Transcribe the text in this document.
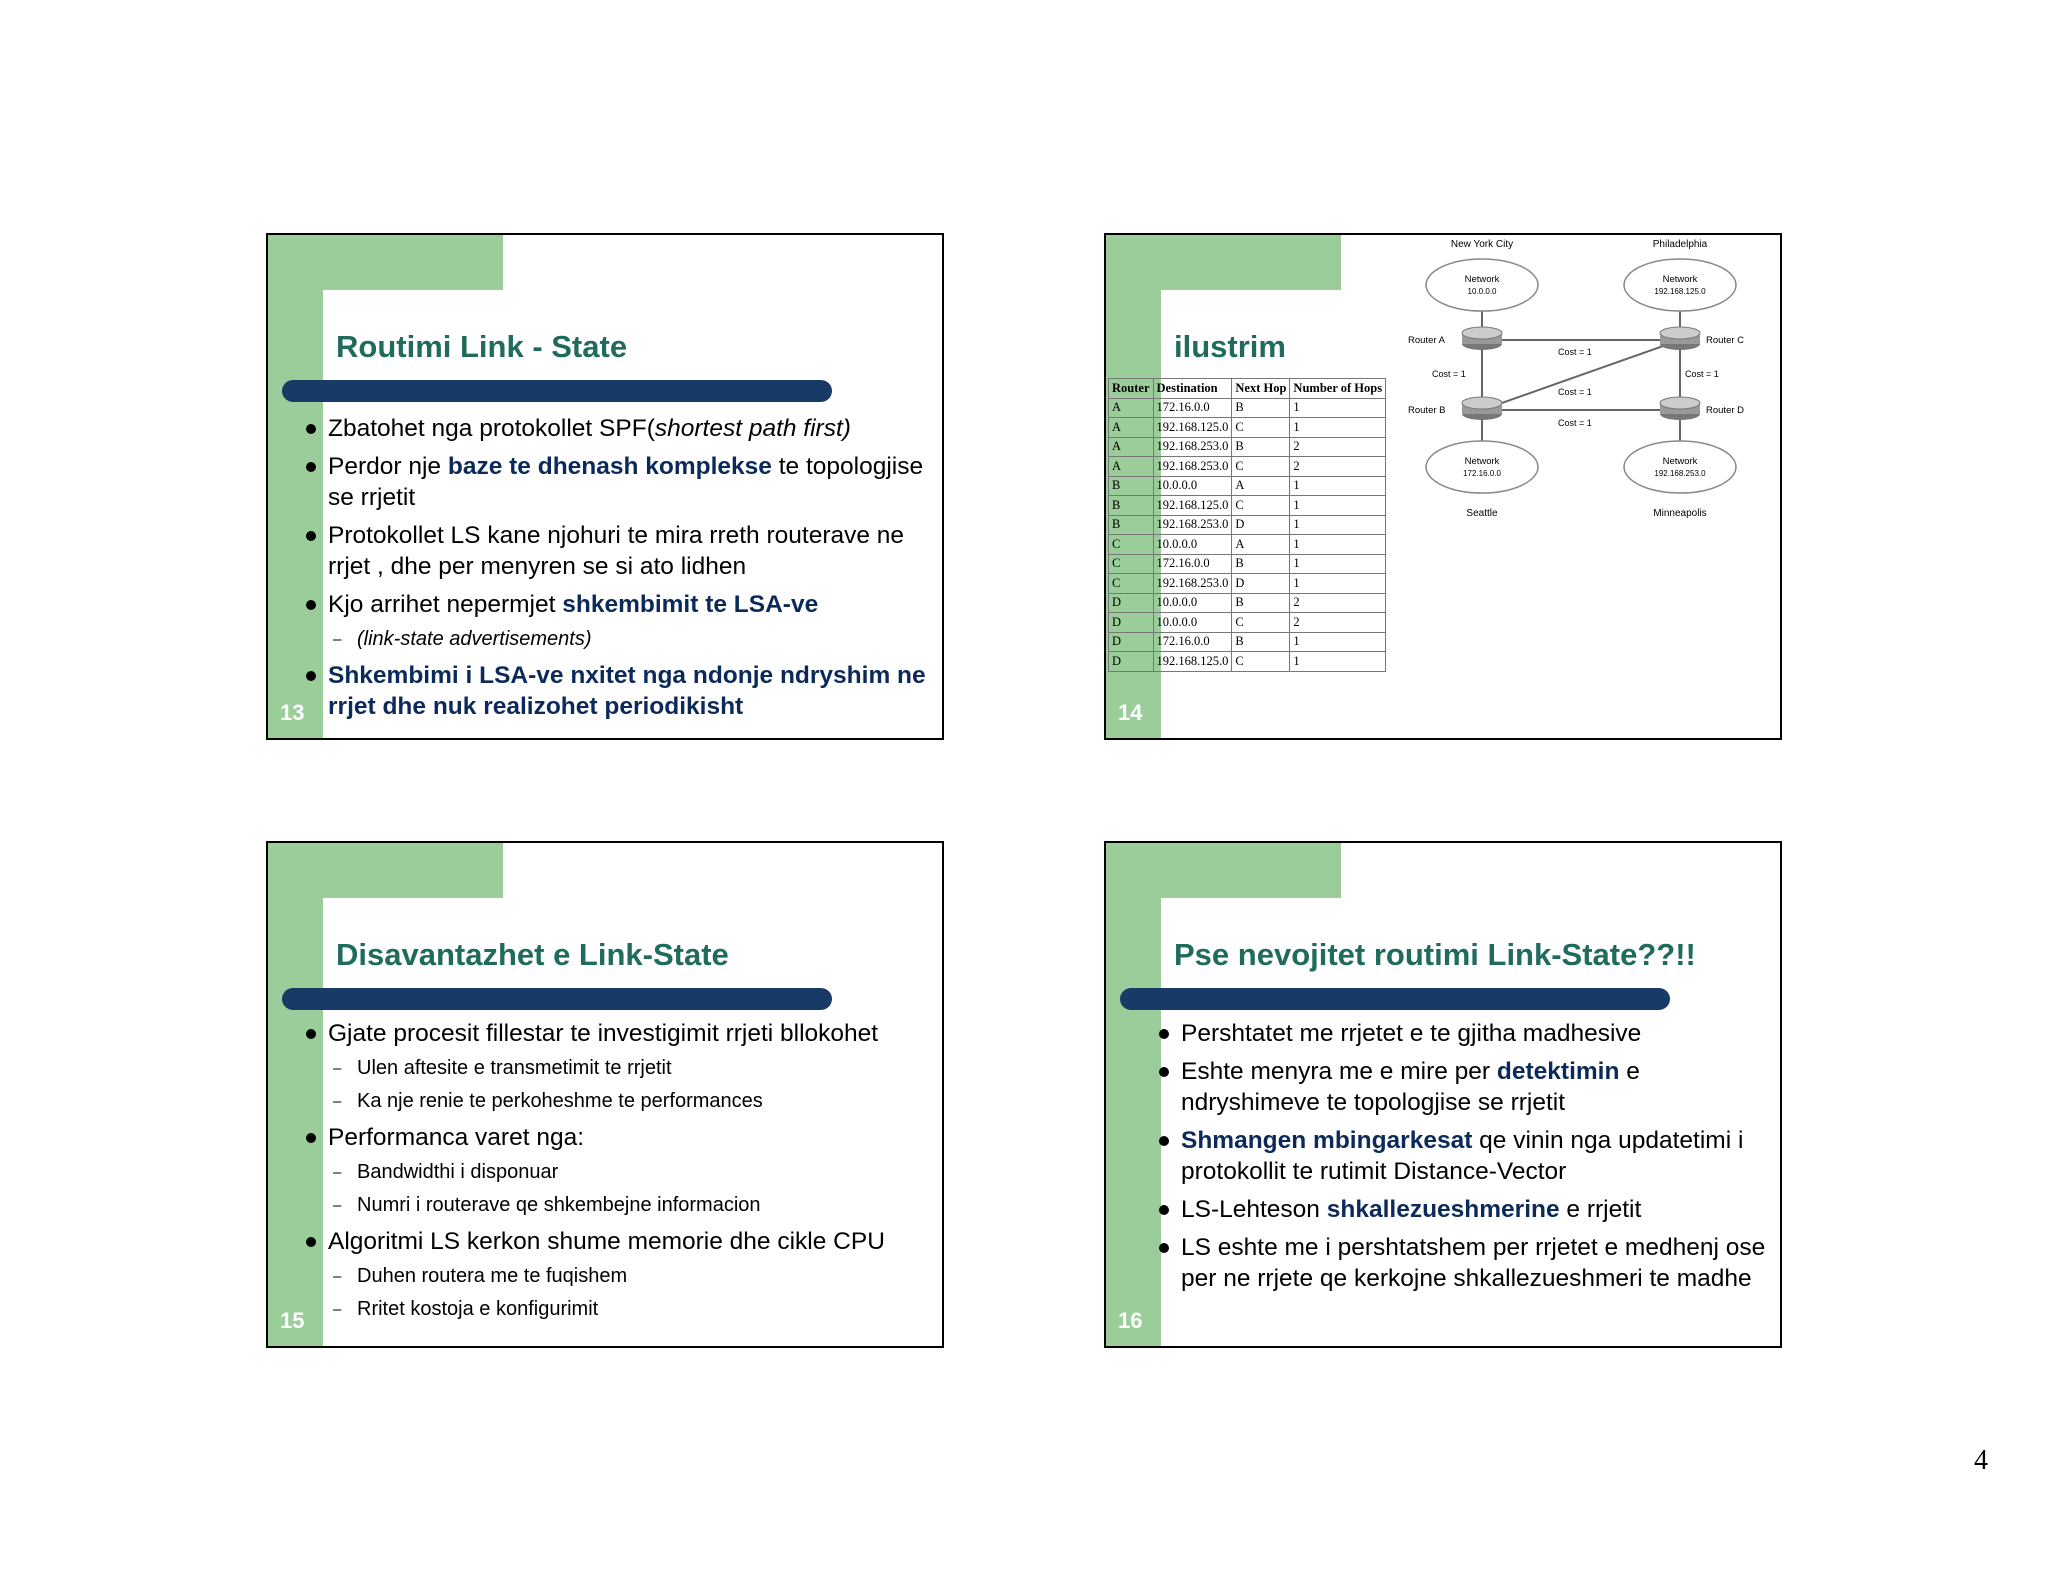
13
Routimi Link - State
Zbatohet nga protokollet SPF(shortest path first)
Perdor nje baze te dhenash komplekse te topologjise se rrjetit
Protokollet LS kane njohuri te mira rreth routerave ne rrjet , dhe per menyren se si ato lidhen
Kjo arrihet nepermjet shkembimit te LSA-ve
– (link-state advertisements)
Shkembimi i LSA-ve nxitet nga ndonje ndryshim ne rrjet dhe nuk realizohet periodikisht	14
ilustrim
Router	Destination	Next Hop	Number of Hops
A	172.16.0.0	B	1
A	192.168.125.0	C	1
A	192.168.253.0	B	2
A	192.168.253.0	C	2
B	10.0.0.0	A	1
B	192.168.125.0	C	1
B	192.168.253.0	D	1
C	10.0.0.0	A	1
C	172.16.0.0	B	1
C	192.168.253.0	D	1
D	10.0.0.0	B	2
D	10.0.0.0	C	2
D	172.16.0.0	B	1
D	192.168.125.0	C	1
Network
10.0.0.0
Network
192.168.125.0
Network
172.16.0.0
Network
192.168.253.0
New York City	Philadelphia
Seattle	Minneapolis
Router A
Router B
Router C
Router D
Cost = 1
Cost = 1
Cost = 1
Cost = 1
Cost = 1
15
Disavantazhet e Link-State
Gjate procesit fillestar te investigimit rrjeti bllokohet
– Ulen aftesite e transmetimit te rrjetit
– Ka nje renie te perkoheshme te performances
Performanca varet nga:
– Bandwidthi i disponuar
– Numri i routerave qe shkembejne informacion
Algoritmi LS kerkon shume memorie dhe cikle CPU
– Duhen routera me te fuqishem
– Rritet kostoja e konfigurimit	16
Pse nevojitet routimi Link-State??!!
Pershtatet me rrjetet e te gjitha madhesive
Eshte menyra me e mire per detektimin e ndryshimeve te topologjise se rrjetit
Shmangen mbingarkesat qe vinin nga updatetimi i protokollit te rutimit Distance-Vector
LS-Lehteson shkallezueshmerine e rrjetit
LS eshte me i pershtatshem per rrjetet e medhenj ose per ne rrjete qe kerkojne shkallezueshmeri te madhe
4
